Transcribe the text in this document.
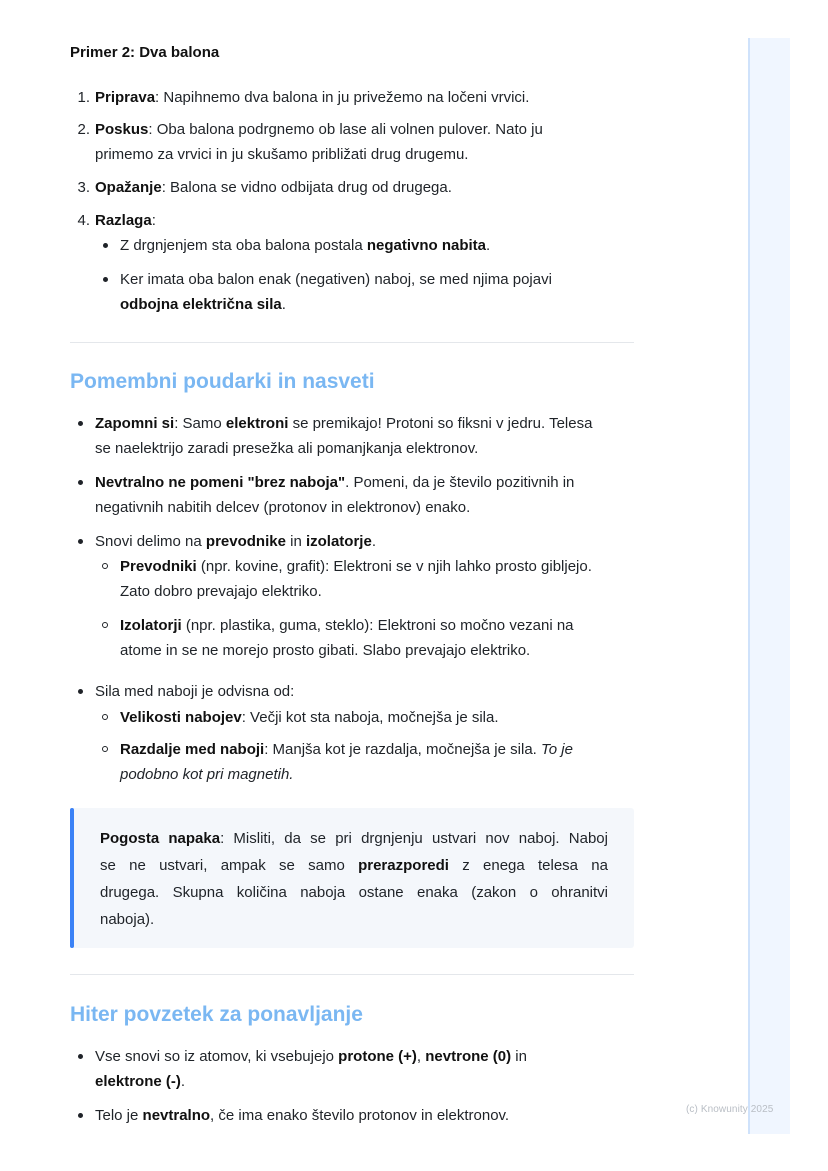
Primer 2: Dva balona
1. Priprava: Napihnemo dva balona in ju privežemo na ločeni vrvici.
2. Poskus: Oba balona podrgnemo ob lase ali volnen pulover. Nato ju
primemo za vrvici in ju skušamo približati drug drugemu.
3. Opažanje: Balona se vidno odbijata drug od drugega.
4. Razlaga:
Z drgnjenjem sta oba balona postala negativno nabita.
Ker imata oba balon enak (negativen) naboj, se med njima pojavi
odbojna električna sila.
Pomembni poudarki in nasveti
Zapomni si: Samo elektroni se premikajo! Protoni so fiksni v jedru. Telesa
se naelektrijo zaradi presežka ali pomanjkanja elektronov.
Nevtralno ne pomeni "brez naboja". Pomeni, da je število pozitivnih in
negativnih nabitih delcev (protonov in elektronov) enako.
Snovi delimo na prevodnike in izolatorje.
Prevodniki (npr. kovine, grafit): Elektroni se v njih lahko prosto gibljejo.
Zato dobro prevajajo elektriko.
Izolatorji (npr. plastika, guma, steklo): Elektroni so močno vezani na
atome in se ne morejo prosto gibati. Slabo prevajajo elektriko.
Sila med naboji je odvisna od:
Velikosti nabojev: Večji kot sta naboja, močnejša je sila.
Razdalje med naboji: Manjša kot je razdalja, močnejša je sila. To je
podobno kot pri magnetih.
Pogosta napaka: Misliti, da se pri drgnjenju ustvari nov naboj. Naboj
se ne ustvari, ampak se samo prerazporedi z enega telesa na
drugega. Skupna količina naboja ostane enaka (zakon o ohranitvi
naboja).
Hiter povzetek za ponavljanje
Vse snovi so iz atomov, ki vsebujejo protone (+), nevtrone (0) in
elektrone (-).
Telo je nevtralno, če ima enako število protonov in elektronov.	(c) Knowunity 2025
